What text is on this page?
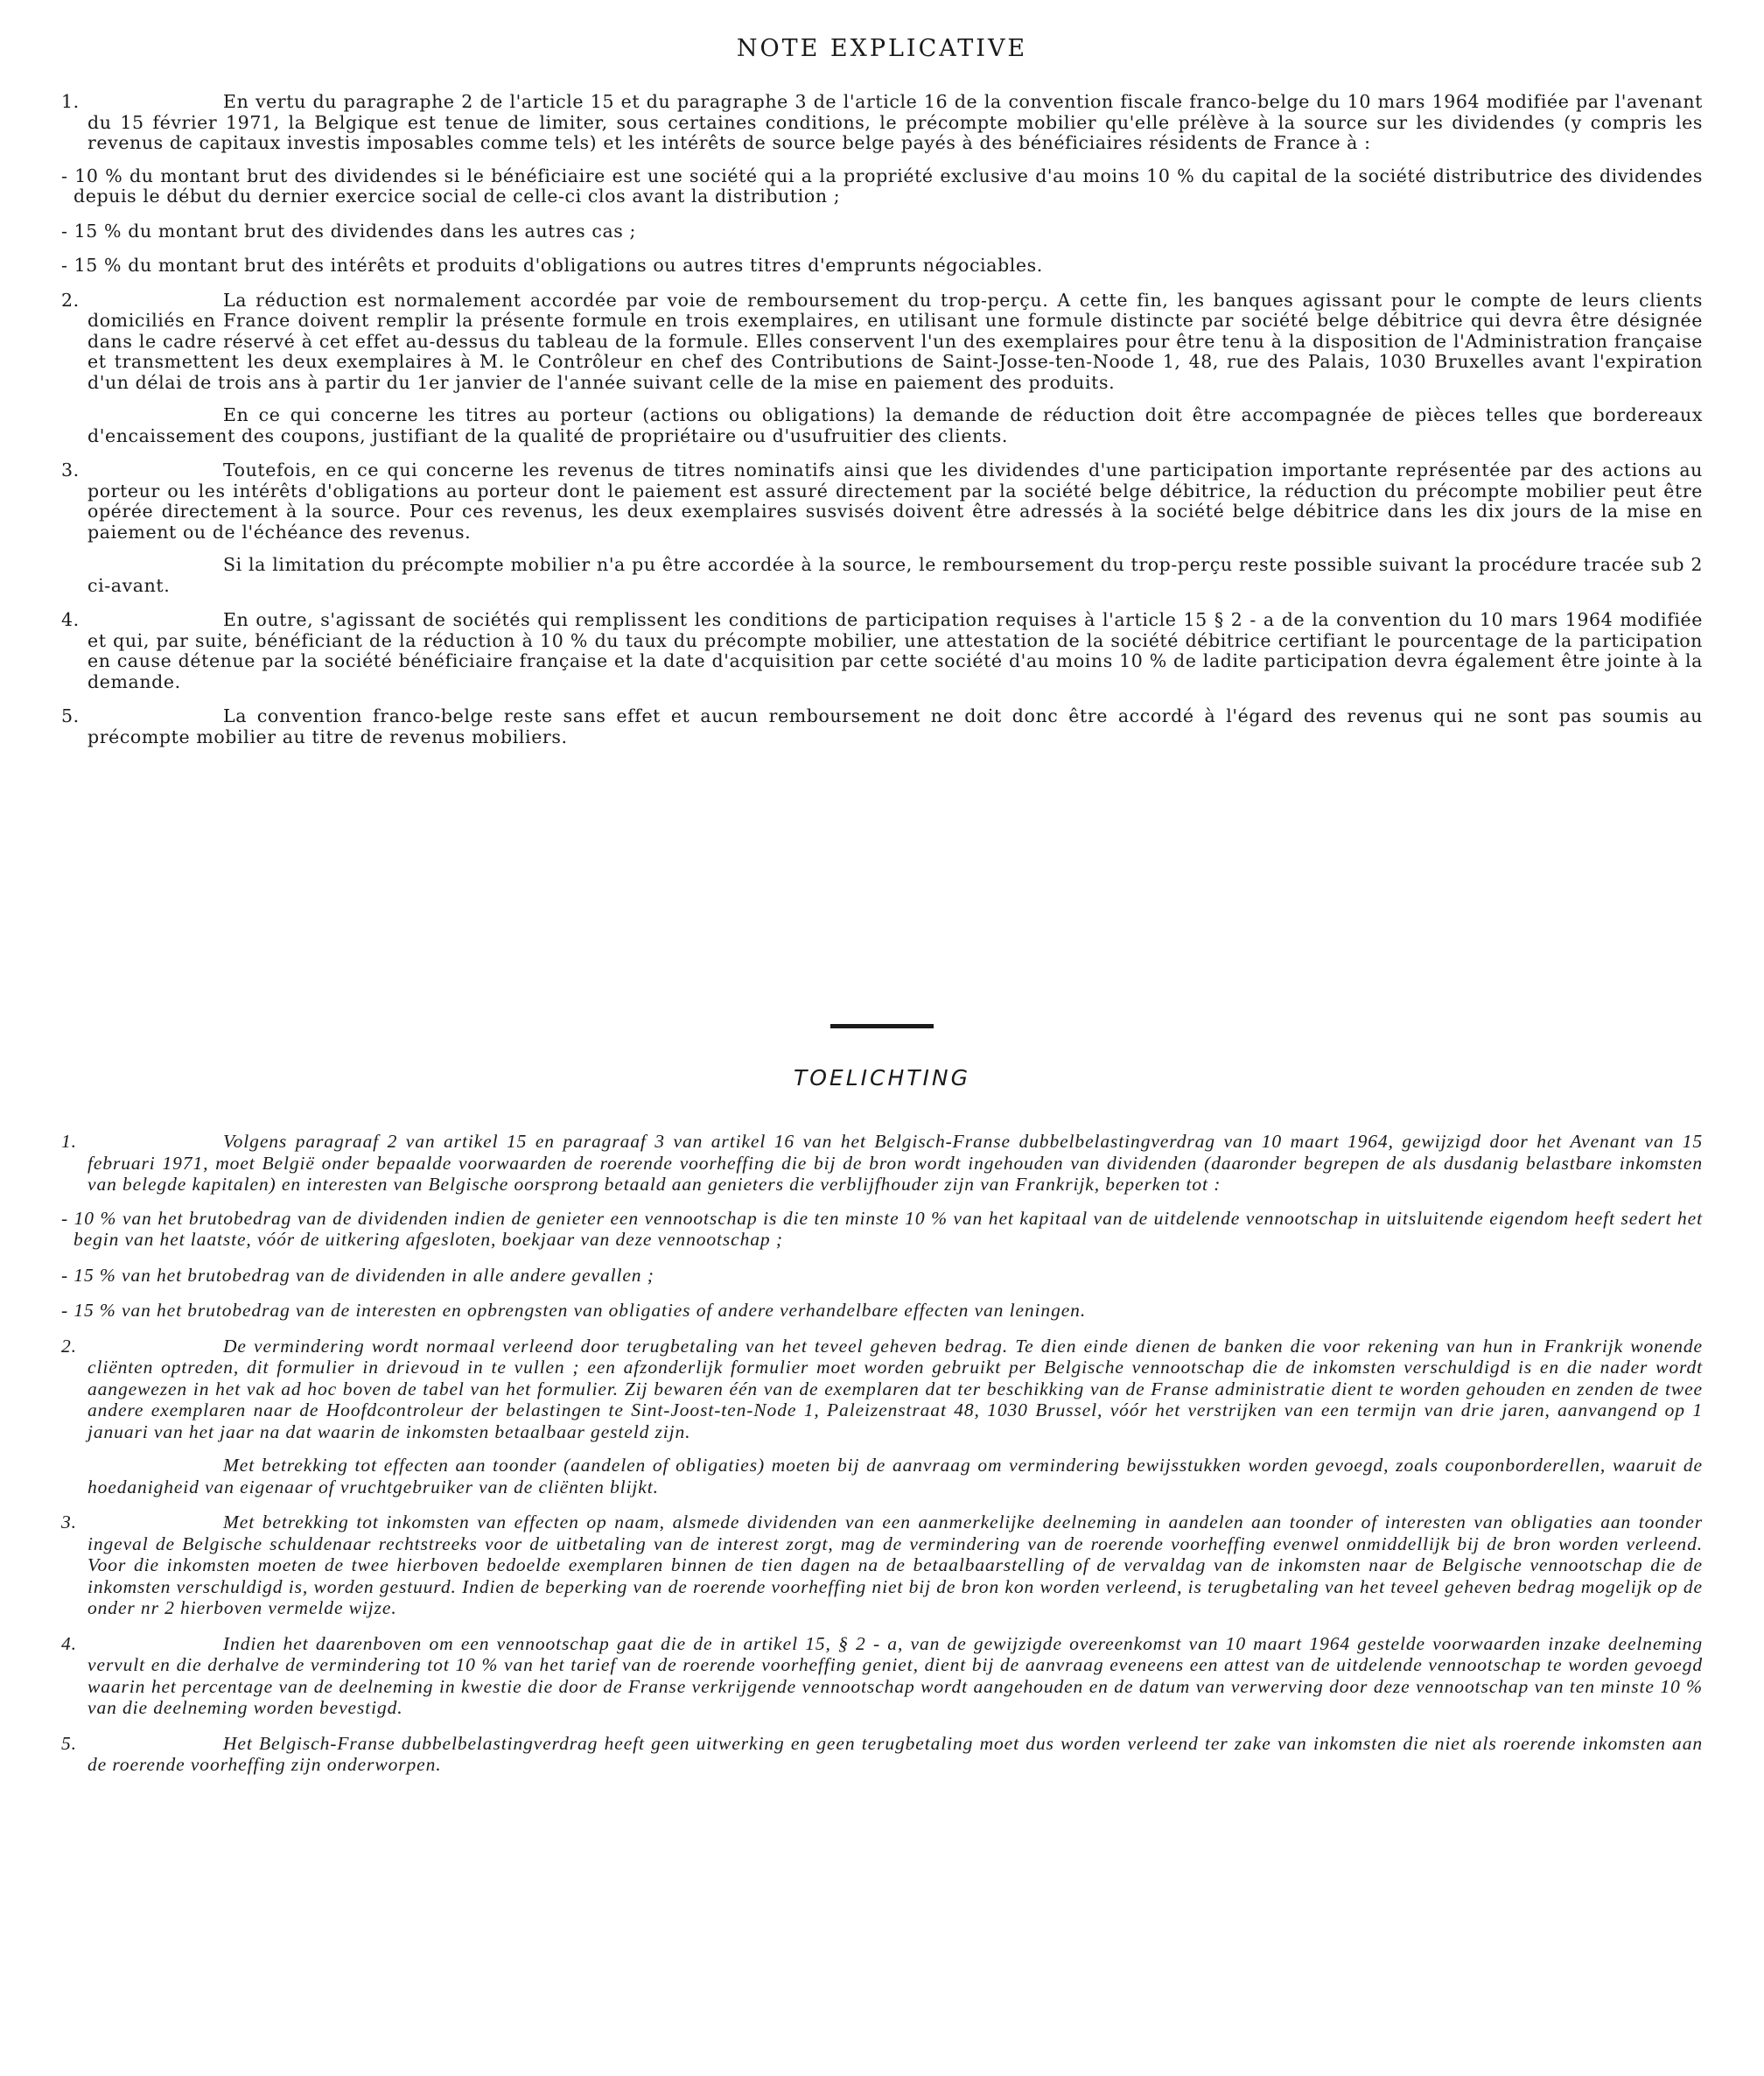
NOTE EXPLICATIVE
1.	En vertu du paragraphe 2 de l'article 15 et du paragraphe 3 de l'article 16 de la convention fiscale franco-belge du 10 mars 1964 modifiée par l'avenant du 15 février 1971, la Belgique est tenue de limiter, sous certaines conditions, le précompte mobilier qu'elle prélève à la source sur les dividendes (y compris les revenus de capitaux investis imposables comme tels) et les intérêts de source belge payés à des bénéficiaires résidents de France à :

- 10 % du montant brut des dividendes si le bénéficiaire est une société qui a la propriété exclusive d'au moins 10 % du capital de la société distributrice des dividendes depuis le début du dernier exercice social de celle-ci clos avant la distribution ;
- 15 % du montant brut des dividendes dans les autres cas ;
- 15 % du montant brut des intérêts et produits d'obligations ou autres titres d'emprunts négociables.
2.	La réduction est normalement accordée par voie de remboursement du trop-perçu. A cette fin, les banques agissant pour le compte de leurs clients domiciliés en France doivent remplir la présente formule en trois exemplaires, en utilisant une formule distincte par société belge débitrice qui devra être désignée dans le cadre réservé à cet effet au-dessus du tableau de la formule. Elles conservent l'un des exemplaires pour être tenu à la disposition de l'Administration française et transmettent les deux exemplaires à M. le Contrôleur en chef des Contributions de Saint-Josse-ten-Noode 1, 48, rue des Palais, 1030 Bruxelles avant l'expiration d'un délai de trois ans à partir du 1er janvier de l'année suivant celle de la mise en paiement des produits.

En ce qui concerne les titres au porteur (actions ou obligations) la demande de réduction doit être accompagnée de pièces telles que bordereaux d'encaissement des coupons, justifiant de la qualité de propriétaire ou d'usufruitier des clients.

3.	Toutefois, en ce qui concerne les revenus de titres nominatifs ainsi que les dividendes d'une participation importante représentée par des actions au porteur ou les intérêts d'obligations au porteur dont le paiement est assuré directement par la société belge débitrice, la réduction du précompte mobilier peut être opérée directement à la source. Pour ces revenus, les deux exemplaires susvisés doivent être adressés à la société belge débitrice dans les dix jours de la mise en paiement ou de l'échéance des revenus.

Si la limitation du précompte mobilier n'a pu être accordée à la source, le remboursement du trop-perçu reste possible suivant la procédure tracée sub 2 ci-avant.

4.	En outre, s'agissant de sociétés qui remplissent les conditions de participation requises à l'article 15 § 2 - a de la convention du 10 mars 1964 modifiée et qui, par suite, bénéficiant de la réduction à 10 % du taux du précompte mobilier, une attestation de la société débitrice certifiant le pourcentage de la participation en cause détenue par la société bénéficiaire française et la date d'acquisition par cette société d'au moins 10 % de ladite participation devra également être jointe à la demande.

5.	La convention franco-belge reste sans effet et aucun remboursement ne doit donc être accordé à l'égard des revenus qui ne sont pas soumis au précompte mobilier au titre de revenus mobiliers.

TOELICHTING
1.	Volgens paragraaf 2 van artikel 15 en paragraaf 3 van artikel 16 van het Belgisch-Franse dubbelbelastingverdrag van 10 maart 1964, gewijzigd door het Avenant van 15 februari 1971, moet België onder bepaalde voorwaarden de roerende voorheffing die bij de bron wordt ingehouden van dividenden (daaronder begrepen de als dusdanig belastbare inkomsten van belegde kapitalen) en interesten van Belgische oorsprong betaald aan genieters die verblijfhouder zijn van Frankrijk, beperken tot :

- 10 % van het brutobedrag van de dividenden indien de genieter een vennootschap is die ten minste 10 % van het kapitaal van de uitdelende vennootschap in uitsluitende eigendom heeft sedert het begin van het laatste, vóór de uitkering afgesloten, boekjaar van deze vennootschap ;
- 15 % van het brutobedrag van de dividenden in alle andere gevallen ;
- 15 % van het brutobedrag van de interesten en opbrengsten van obligaties of andere verhandelbare effecten van leningen.
2.	De vermindering wordt normaal verleend door terugbetaling van het teveel geheven bedrag. Te dien einde dienen de banken die voor rekening van hun in Frankrijk wonende cliënten optreden, dit formulier in drievoud in te vullen ; een afzonderlijk formulier moet worden gebruikt per Belgische vennootschap die de inkomsten verschuldigd is en die nader wordt aangewezen in het vak ad hoc boven de tabel van het formulier. Zij bewaren één van de exemplaren dat ter beschikking van de Franse administratie dient te worden gehouden en zenden de twee andere exemplaren naar de Hoofdcontroleur der belastingen te Sint-Joost-ten-Node 1, Paleizenstraat 48, 1030 Brussel, vóór het verstrijken van een termijn van drie jaren, aanvangend op 1 januari van het jaar na dat waarin de inkomsten betaalbaar gesteld zijn.

Met betrekking tot effecten aan toonder (aandelen of obligaties) moeten bij de aanvraag om vermindering bewijsstukken worden gevoegd, zoals couponborderellen, waaruit de hoedanigheid van eigenaar of vruchtgebruiker van de cliënten blijkt.

3.	Met betrekking tot inkomsten van effecten op naam, alsmede dividenden van een aanmerkelijke deelneming in aandelen aan toonder of interesten van obligaties aan toonder ingeval de Belgische schuldenaar rechtstreeks voor de uitbetaling van de interest zorgt, mag de vermindering van de roerende voorheffing evenwel onmiddellijk bij de bron worden verleend. Voor die inkomsten moeten de twee hierboven bedoelde exemplaren binnen de tien dagen na de betaalbaarstelling of de vervaldag van de inkomsten naar de Belgische vennootschap die de inkomsten verschuldigd is, worden gestuurd. Indien de beperking van de roerende voorheffing niet bij de bron kon worden verleend, is terugbetaling van het teveel geheven bedrag mogelijk op de onder nr 2 hierboven vermelde wijze.

4.	Indien het daarenboven om een vennootschap gaat die de in artikel 15, § 2 - a, van de gewijzigde overeenkomst van 10 maart 1964 gestelde voorwaarden inzake deelneming vervult en die derhalve de vermindering tot 10 % van het tarief van de roerende voorheffing geniet, dient bij de aanvraag eveneens een attest van de uitdelende vennootschap te worden gevoegd waarin het percentage van de deelneming in kwestie die door de Franse verkrijgende vennootschap wordt aangehouden en de datum van verwerving door deze vennootschap van ten minste 10 % van die deelneming worden bevestigd.

5.	Het Belgisch-Franse dubbelbelastingverdrag heeft geen uitwerking en geen terugbetaling moet dus worden verleend ter zake van inkomsten die niet als roerende inkomsten aan de roerende voorheffing zijn onderworpen.
